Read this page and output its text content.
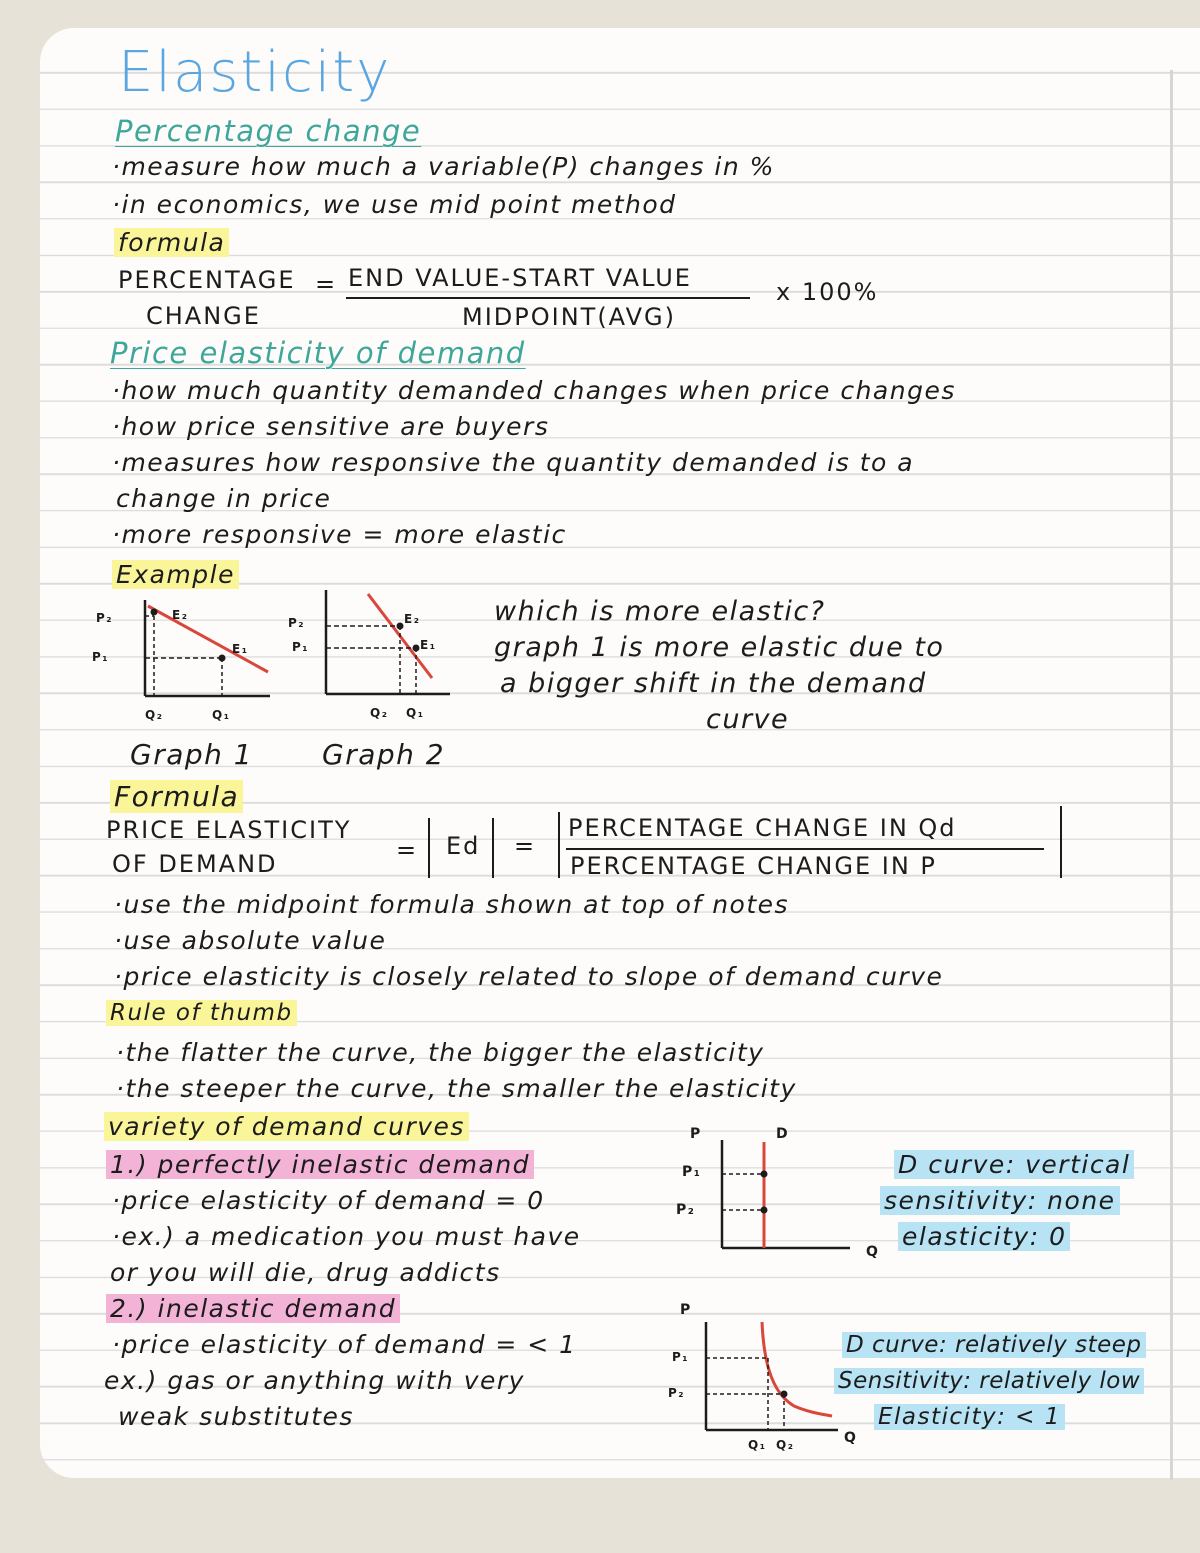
Elasticity
Percentage change
·measure how much a variable(P) changes in %
·in economics, we use mid point method
formula
PERCENTAGE
CHANGE
= END VALUE-START VALUE
MIDPOINT(AVG)
x 100%
Price elasticity of demand
·how much quantity demanded changes when price changes
·how price sensitive are buyers
·measures how responsive the quantity demanded is to a
change in price
·more responsive = more elastic
Example
P₂
P₁
E₂
E₁
Q₂	Q₁
Graph 1
P₂
P₁
E₂
E₁
Q₂ Q₁
Graph 2
which is more elastic?
graph 1 is more elastic due to
a bigger shift in the demand
curve
Formula
PRICE ELASTICITY
OF DEMAND	= Ed =
PERCENTAGE CHANGE IN Qd
PERCENTAGE CHANGE IN P
·use the midpoint formula shown at top of notes
·use absolute value
·price elasticity is closely related to slope of demand curve
Rule of thumb
·the flatter the curve, the bigger the elasticity
·the steeper the curve, the smaller the elasticity
variety of demand curves
1.) perfectly inelastic demand
·price elasticity of demand = 0
·ex.) a medication you must have
or you will die, drug addicts
P	D
P₁
P₂
Q
D curve: vertical
sensitivity: none
elasticity: 0
2.) inelastic demand
·price elasticity of demand = < 1
ex.) gas or anything with very
weak substitutes
P
P₁
P₂
Q₁ Q₂	Q
D curve: relatively steep
Sensitivity: relatively low
Elasticity: < 1
